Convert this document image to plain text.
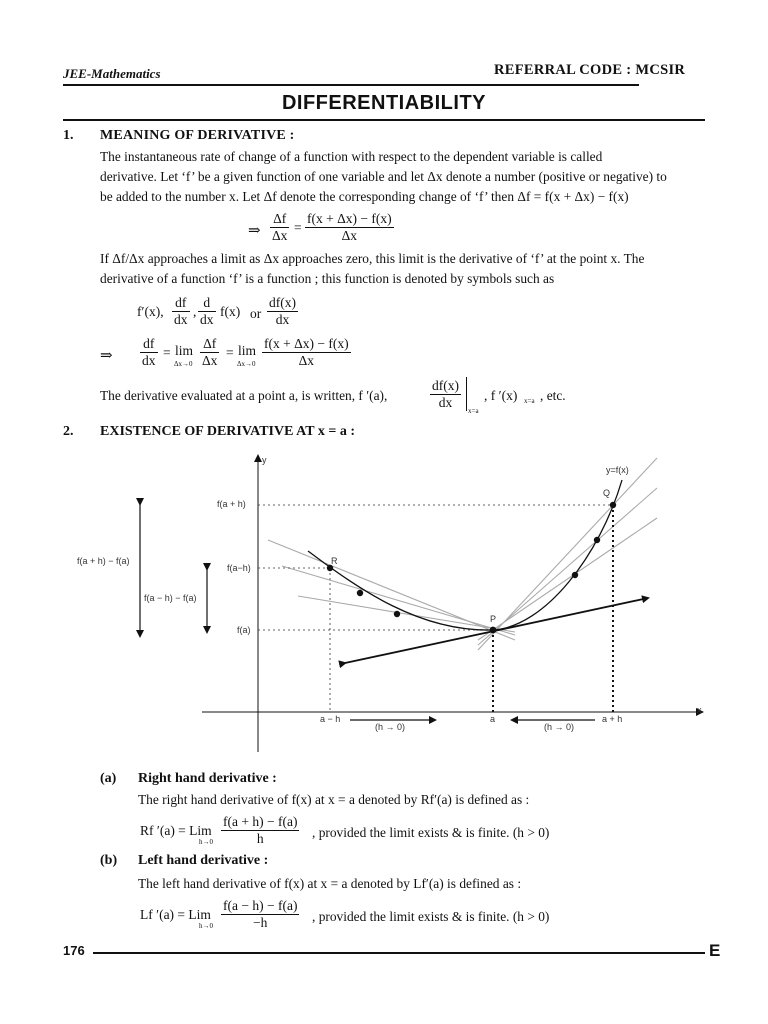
JEE-Mathematics	REFERRAL CODE : MCSIR
DIFFERENTIABILITY
1. MEANING OF DERIVATIVE :
The instantaneous rate of change of a function with respect to the dependent variable is called
derivative. Let ‘f’ be a given function of one variable and let Δx denote a number (positive or negative) to
be added to the number x. Let Δf denote the corresponding change of ‘f’ then Δf = f(x + Δx) − f(x)
⇒ $\frac{\Delta f}{\Delta x} = \frac{f(x + \Delta x) - f(x)}{\Delta x}$
If Δf/Δx approaches a limit as Δx approaches zero, this limit is the derivative of ‘f’ at the point x. The
derivative of a function ‘f’ is a function ; this function is denoted by symbols such as
f′(x), $\frac{df}{dx}$ , $\frac{d}{dx} f(x)$ or $\frac{df(x)}{dx}$
⇒ $\frac{df}{dx} = \lim$
$\Delta x\to 0 \frac{\Delta f}{\Delta x} = \lim$
$\Delta x\to 0 \frac{f(x + \Delta x) - f(x)}{\Delta x}$
The derivative evaluated at a point a, is written, f ′(a),	$\frac{df(x)}{dx} x=a$
, f ′(x) x=a , etc.
2. EXISTENCE OF DERIVATIVE AT x = a :
y
x
y=f(x)
Q
R
P
f(a + h)
f(a−h)
f(a)
f(a + h) − f(a)
f(a − h) − f(a)
a − h	a	a + h
(h → 0)	(h → 0)
(a) Right hand derivative :
The right hand derivative of f(x) at x = a denoted by Rf′(a) is defined as :
Rf ′(a) = Lim
$h\to 0 \frac{f(a + h) - f(a)}{h}$ , provided the limit exists & is finite. (h > 0)
(b) Left hand derivative :
The left hand derivative of f(x) at x = a denoted by Lf′(a) is defined as :
Lf ′(a) = Lim
$h\to 0 \frac{f(a - h) - f(a)}{-h}$ , provided the limit exists & is finite. (h > 0)
176	E
